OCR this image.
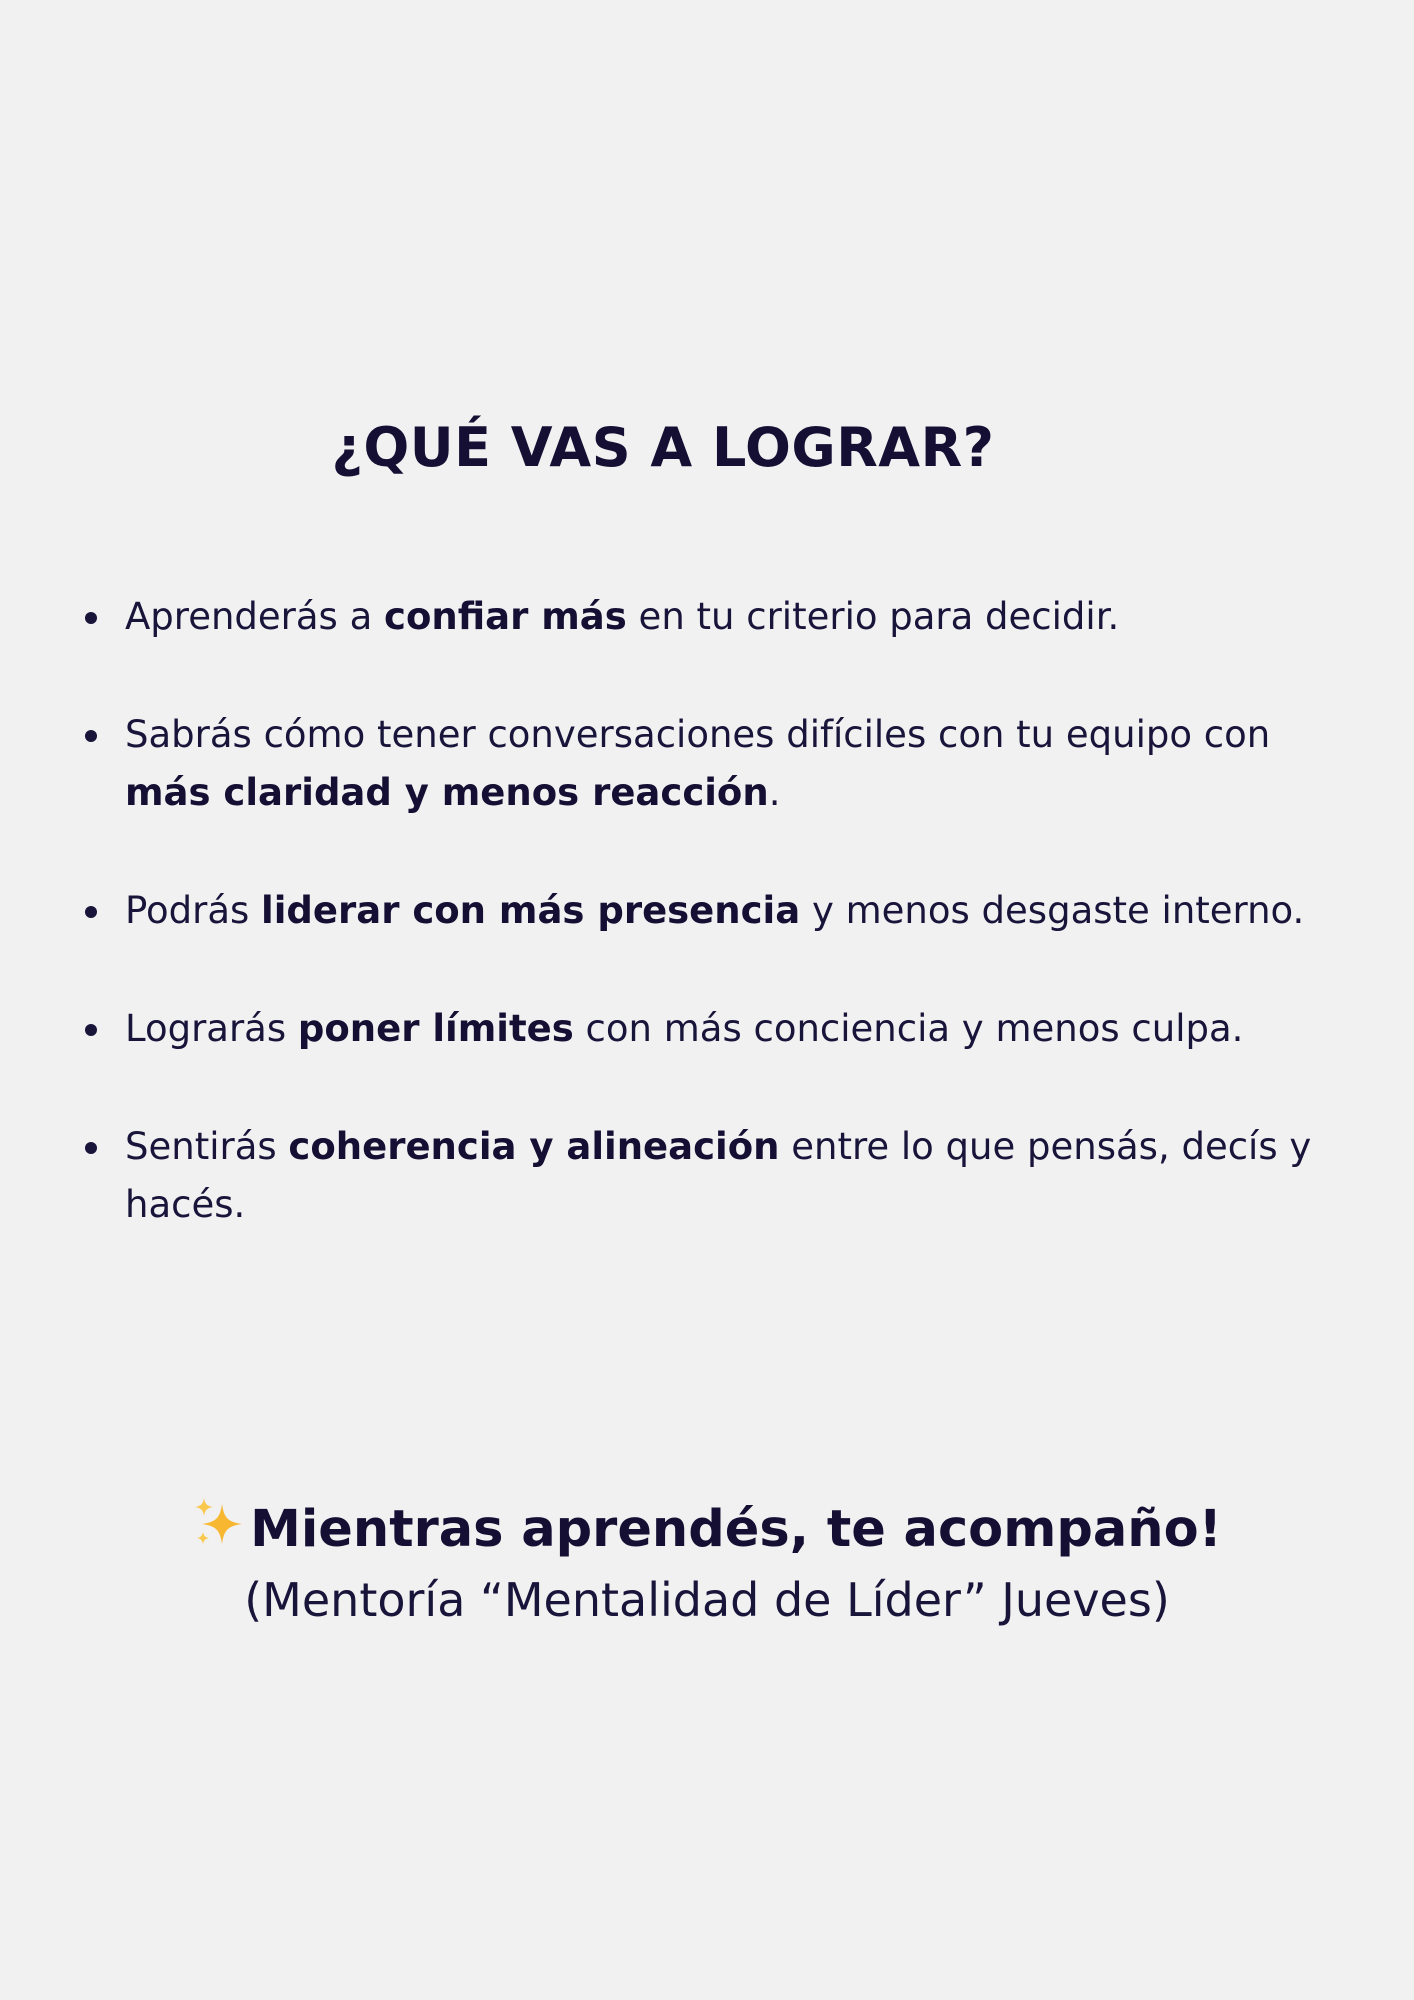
¿QUÉ VAS A LOGRAR?
Aprenderás a confiar más en tu criterio para decidir.
Sabrás cómo tener conversaciones difíciles con tu equipo con más claridad y menos reacción.
Podrás liderar con más presencia y menos desgaste interno.
Lograrás poner límites con más conciencia y menos culpa.
Sentirás coherencia y alineación entre lo que pensás, decís y hacés.
Mientras aprendés, te acompaño!
(Mentoría “Mentalidad de Líder” Jueves)
